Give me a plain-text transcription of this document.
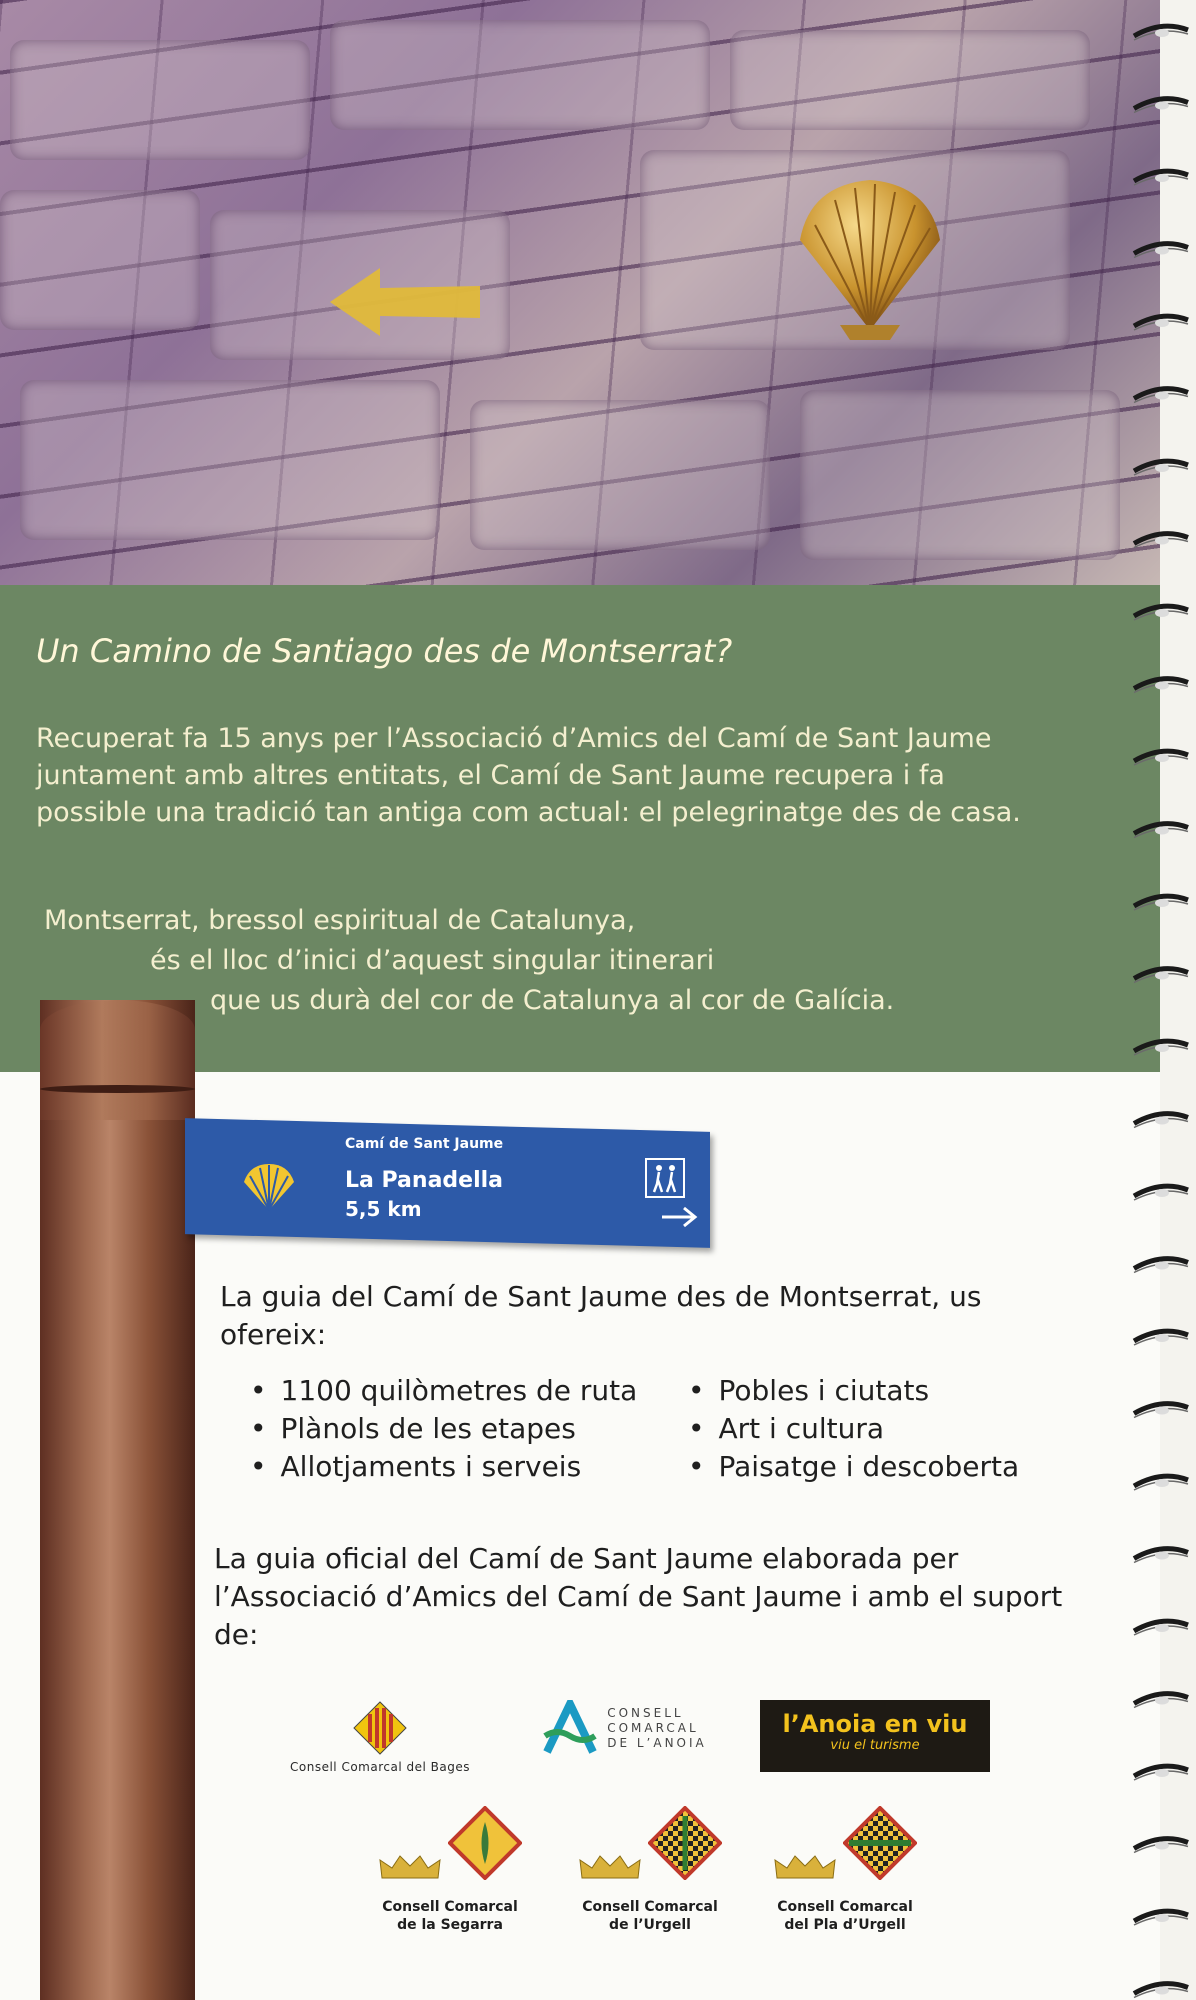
Un Camino de Santiago des de Montserrat?

Recuperat fa 15 anys per l’Associació d’Amics del Camí de Sant Jaume juntament amb altres entitats, el Camí de Sant Jaume recupera i fa possible una tradició tan antiga com actual: el pelegrinatge des de casa.

Montserrat, bressol espiritual de Catalunya,

és el lloc d’inici d’aquest singular itinerari

que us durà del cor de Catalunya al cor de Galícia.

Camí de Sant Jaume
La Panadella
5,5 km

La guia del Camí de Sant Jaume des de Montserrat, us ofereix:

• 1100 quilòmetres de ruta
• Plànols de les etapes
• Allotjaments i serveis
• Pobles i ciutats
• Art i cultura
• Paisatge i descoberta

La guia oficial del Camí de Sant Jaume elaborada per l’Associació d’Amics del Camí de Sant Jaume i amb el suport de:

Consell Comarcal del Bages
CONSELL
COMARCAL
DE L’ANOIA
l’Anoia en viu
viu el turisme

Consell Comarcal
de la Segarra

Consell Comarcal
de l’Urgell

Consell Comarcal
del Pla d’Urgell
